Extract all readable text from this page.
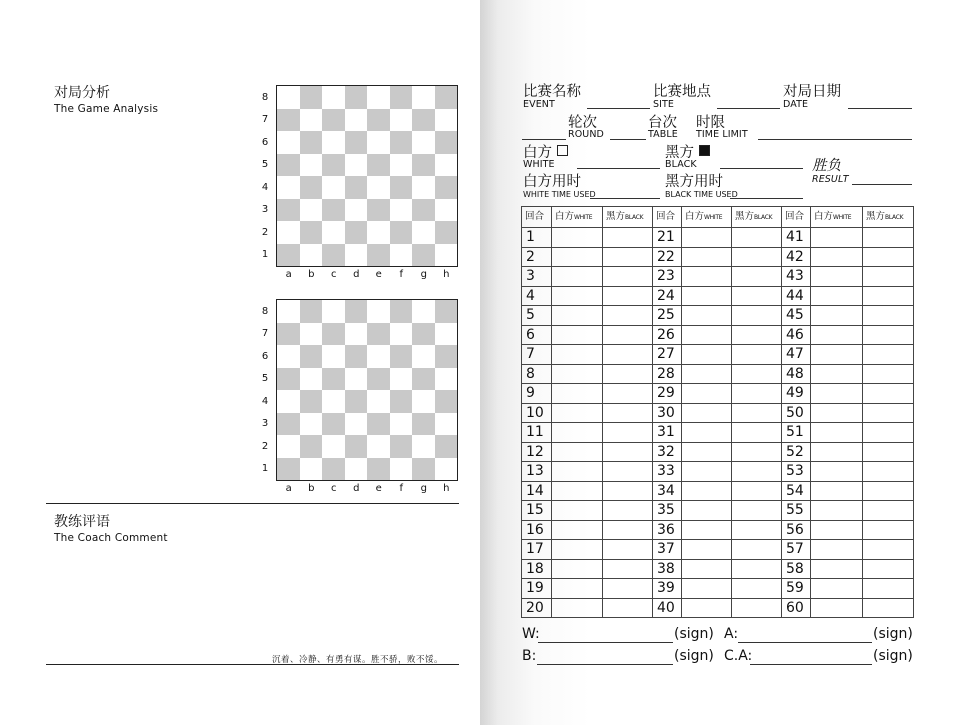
对局分析
The Game Analysis
8
7
6
5
4
3
2
1
a	b	c	d	e	f	g	h
8
7
6
5
4
3
2
1
a	b	c	d	e	f	g	h
教练评语
The Coach Comment
沉着、冷静、有勇有谋。胜不骄，败不馁。
比赛名称
EVENT
比赛地点
SITE
对局日期
DATE
轮次
ROUND
台次
TABLE
时限
TIME LIMIT
白方
WHITE
黑方
BLACK	胜负
RESULT
白方用时
WHITE TIME USED
黑方用时
BLACK TIME USED
回合	白方WHITE	黑方BLACK	回合	白方WHITE	黑方BLACK	回合	白方WHITE	黑方BLACK
1			21			41		
2			22			42		
3			23			43		
4			24			44		
5			25			45		
6			26			46		
7			27			47		
8			28			48		
9			29			49		
10			30			50		
11			31			51		
12			32			52		
13			33			53		
14			34			54		
15			35			55		
16			36			56		
17			37			57		
18			38			58		
19			39			59		
20			40			60		
W:	(sign) A:	(sign)
B:	(sign) C.A:	(sign)
